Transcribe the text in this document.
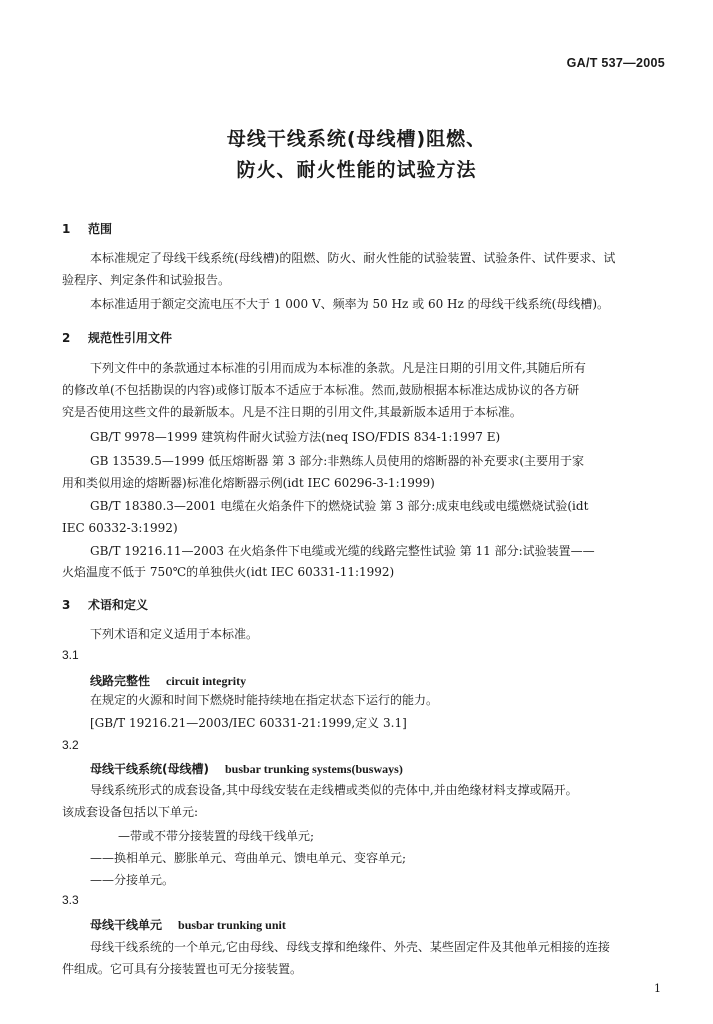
GA/T 537—2005
母线干线系统(母线槽)阻燃、
防火、耐火性能的试验方法
1 范围
本标准规定了母线干线系统(母线槽)的阻燃、防火、耐火性能的试验装置、试验条件、试件要求、试
验程序、判定条件和试验报告。
本标准适用于额定交流电压不大于 1 000 V、频率为 50 Hz 或 60 Hz 的母线干线系统(母线槽)。
2 规范性引用文件
下列文件中的条款通过本标准的引用而成为本标准的条款。凡是注日期的引用文件,其随后所有
的修改单(不包括勘误的内容)或修订版本不适应于本标准。然而,鼓励根据本标准达成协议的各方研
究是否使用这些文件的最新版本。凡是不注日期的引用文件,其最新版本适用于本标准。
GB/T 9978—1999 建筑构件耐火试验方法(neq ISO/FDIS 834-1:1997 E)
GB 13539.5—1999 低压熔断器 第 3 部分:非熟练人员使用的熔断器的补充要求(主要用于家
用和类似用途的熔断器)标准化熔断器示例(idt IEC 60296-3-1:1999)
GB/T 18380.3—2001 电缆在火焰条件下的燃烧试验 第 3 部分:成束电线或电缆燃烧试验(idt
IEC 60332-3:1992)
GB/T 19216.11—2003 在火焰条件下电缆或光缆的线路完整性试验 第 11 部分:试验装置——
火焰温度不低于 750℃的单独供火(idt IEC 60331-11:1992)
3 术语和定义
下列术语和定义适用于本标准。
3.1
线路完整性 circuit integrity
在规定的火源和时间下燃烧时能持续地在指定状态下运行的能力。
[GB/T 19216.21—2003/IEC 60331-21:1999,定义 3.1]
3.2
母线干线系统(母线槽) busbar trunking systems(busways)
导线系统形式的成套设备,其中母线安装在走线槽或类似的壳体中,并由绝缘材料支撑或隔开。
该成套设备包括以下单元:
—带或不带分接装置的母线干线单元;
——换相单元、膨胀单元、弯曲单元、馈电单元、变容单元;
——分接单元。
3.3
母线干线单元 busbar trunking unit
母线干线系统的一个单元,它由母线、母线支撑和绝缘件、外壳、某些固定件及其他单元相接的连接
件组成。它可具有分接装置也可无分接装置。
1
